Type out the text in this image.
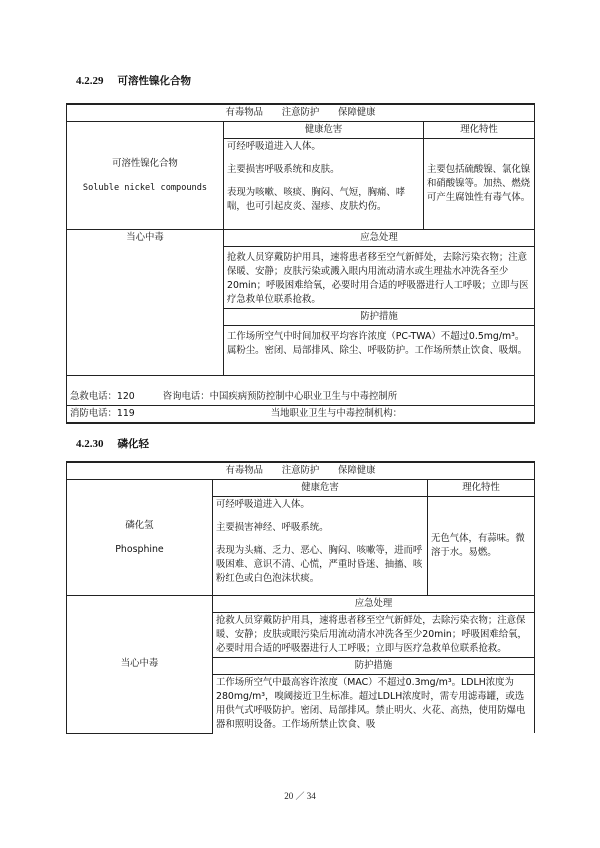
4.2.29 可溶性镍化合物
有毒物品　　注意防护　　保障健康		

可溶性镍化合物
Soluble nickel compounds	健康危害	理化特性

	可经呼吸道进入人体。

主要损害呼吸系统和皮肤。

表现为咳嗽、咳痰、胸闷、气短，胸痛、哮喘，也可引起皮炎、湿疹、皮肤灼伤。	主要包括硫酸镍、氯化镍和硝酸镍等。加热、燃烧可产生腐蚀性有毒气体。
当心中毒	应急处理	
	抢救人员穿戴防护用具，速将患者移至空气新鲜处，去除污染衣物；注意保暖、安静；皮肤污染或溅入眼内用流动清水或生理盐水冲洗各至少20min；呼吸困难给氧，必要时用合适的呼吸器进行人工呼吸；立即与医疗急救单位联系抢救。	
	防护措施	
	工作场所空气中时间加权平均容许浓度（PC-TWA）不超过0.5mg/m³。属粉尘。密闭、局部排风、除尘、呼吸防护。工作场所禁止饮食、吸烟。	
急救电话：120 咨询电话：中国疾病预防控制中心职业卫生与中毒控制所		
消防电话：119 当地职业卫生与中毒控制机构：		
4.2.30 磷化轻
有毒物品　　注意防护　　保障健康		

磷化氢
Phosphine	健康危害	理化特性

	可经呼吸道进入人体。

主要损害神经、呼吸系统。

表现为头痛、乏力、恶心、胸闷、咳嗽等，进而呼吸困难、意识不清、心慌，严重时昏迷、抽搐、咳粉红色或白色泡沫状痰。	无色气体，有蒜味。微溶于水。易燃。
当心中毒	应急处理	
	抢救人员穿戴防护用具，速将患者移至空气新鲜处，去除污染衣物；注意保暖、安静；皮肤或眼污染后用流动清水冲洗各至少20min；呼吸困难给氧，必要时用合适的呼吸器进行人工呼吸；立即与医疗急救单位联系抢救。	
	防护措施	
	工作场所空气中最高容许浓度（MAC）不超过0.3mg/m³。LDLH浓度为280mg/m³，嗅阈接近卫生标准。超过LDLH浓度时，需专用滤毒罐，或选用供气式呼吸防护。密闭、局部排风。禁止明火、火花、高热，使用防爆电器和照明设备。工作场所禁止饮食、吸	
20 ／ 34
